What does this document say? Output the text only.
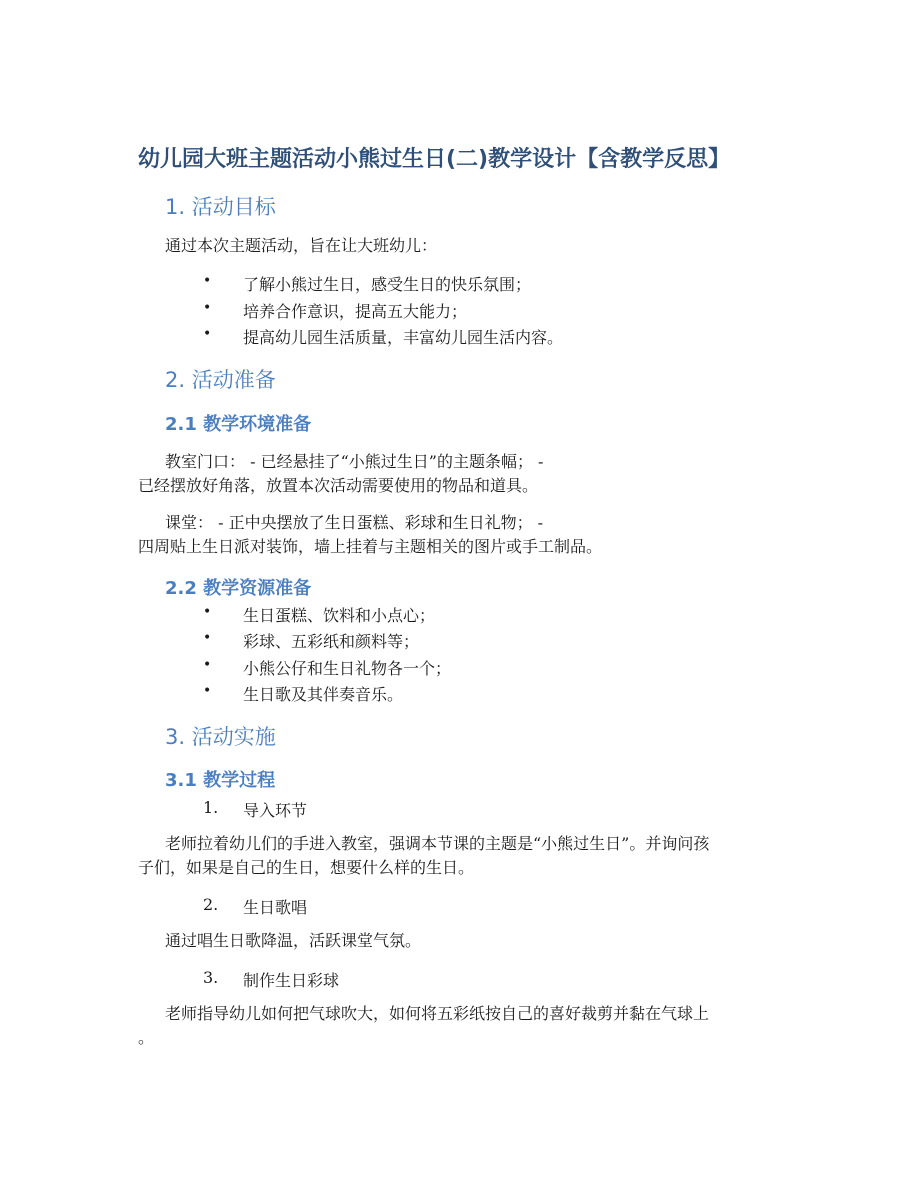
幼儿园大班主题活动小熊过生日(二)教学设计【含教学反思】
1. 活动目标
通过本次主题活动，旨在让大班幼儿：
• 了解小熊过生日，感受生日的快乐氛围；
• 培养合作意识，提高五大能力；
• 提高幼儿园生活质量，丰富幼儿园生活内容。
2. 活动准备
2.1 教学环境准备
教室门口： - 已经悬挂了“小熊过生日”的主题条幅； -
已经摆放好角落，放置本次活动需要使用的物品和道具。
课堂： - 正中央摆放了生日蛋糕、彩球和生日礼物； -
四周贴上生日派对装饰，墙上挂着与主题相关的图片或手工制品。
2.2 教学资源准备
• 生日蛋糕、饮料和小点心；
• 彩球、五彩纸和颜料等；
• 小熊公仔和生日礼物各一个；
• 生日歌及其伴奏音乐。
3. 活动实施
3.1 教学过程
1. 导入环节
老师拉着幼儿们的手进入教室，强调本节课的主题是“小熊过生日”。并询问孩
子们，如果是自己的生日，想要什么样的生日。
2. 生日歌唱
通过唱生日歌降温，活跃课堂气氛。
3. 制作生日彩球
老师指导幼儿如何把气球吹大，如何将五彩纸按自己的喜好裁剪并黏在气球上
。
